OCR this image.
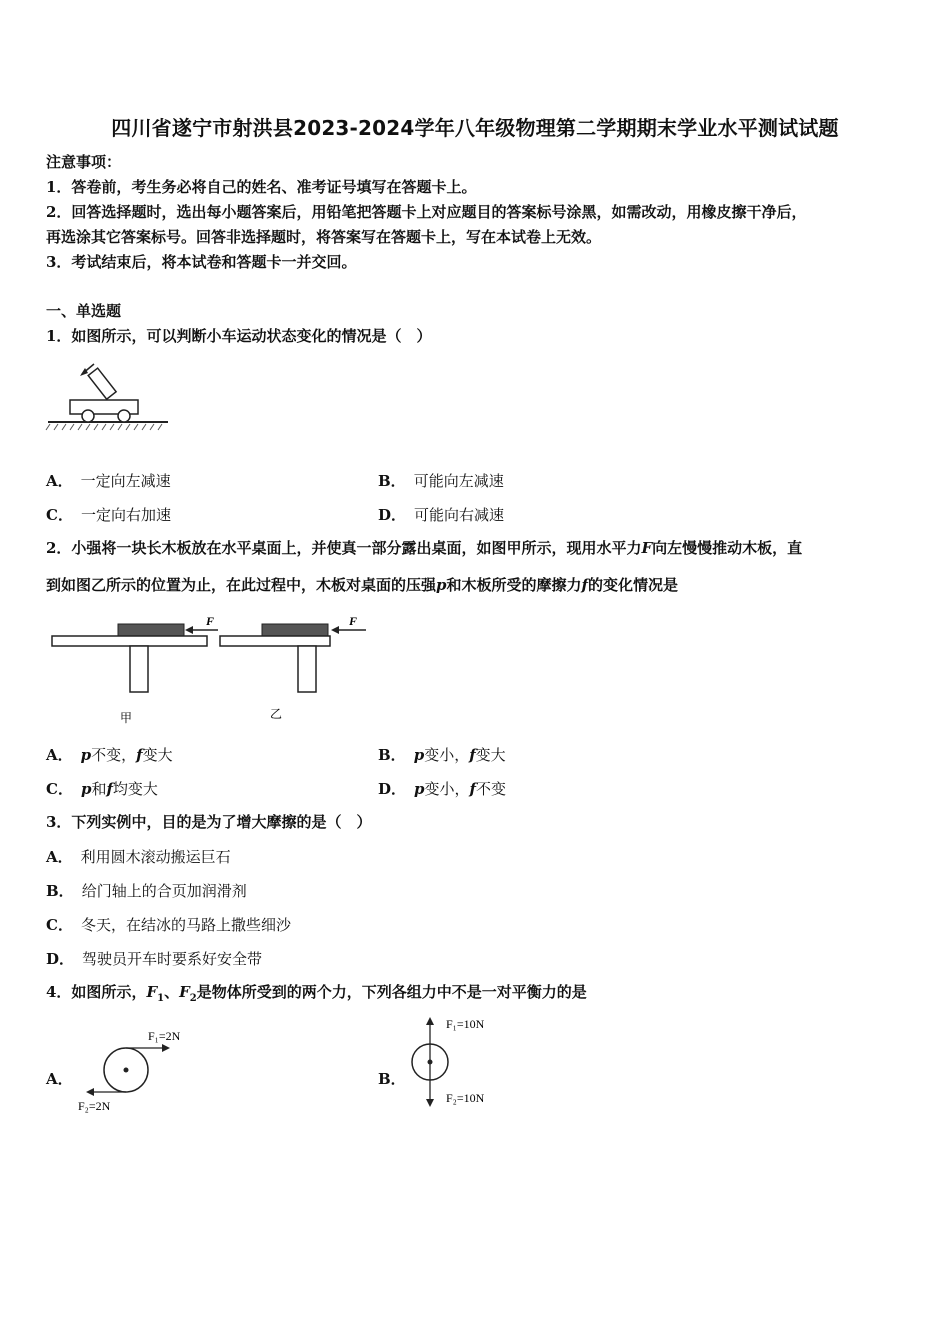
四川省遂宁市射洪县2023-2024学年八年级物理第二学期期末学业水平测试试题
注意事项：
1．答卷前，考生务必将自己的姓名、准考证号填写在答题卡上。
2．回答选择题时，选出每小题答案后，用铅笔把答题卡上对应题目的答案标号涂黑，如需改动，用橡皮擦干净后，
再选涂其它答案标号。回答非选择题时，将答案写在答题卡上，写在本试卷上无效。
3．考试结束后，将本试卷和答题卡一并交回。
一、单选题
1．如图所示，可以判断小车运动状态变化的情况是（　）
A． 一定向左减速	B． 可能向左减速
C． 一定向右加速	D． 可能向右减速
2．小强将一块长木板放在水平桌面上，并使真一部分露出桌面，如图甲所示，现用水平力F向左慢慢推动木板，直
到如图乙所示的位置为止，在此过程中，木板对桌面的压强p和木板所受的摩擦力f的变化情况是
F
甲
F
乙
A． p不变，f变大	B． p变小，f变大
C． p和f均变大	D． p变小，f不变
3．下列实例中，目的是为了增大摩擦的是（　）
A． 利用圆木滚动搬运巨石
B． 给门轴上的合页加润滑剂
C． 冬天，在结冰的马路上撒些细沙
D． 驾驶员开车时要系好安全带
4．如图所示，$F_1$、$F_2$是物体所受到的两个力，下列各组力中不是一对平衡力的是
A．
F₁=2N
F₂=2N
B．
F₁=10N
F₂=10N
